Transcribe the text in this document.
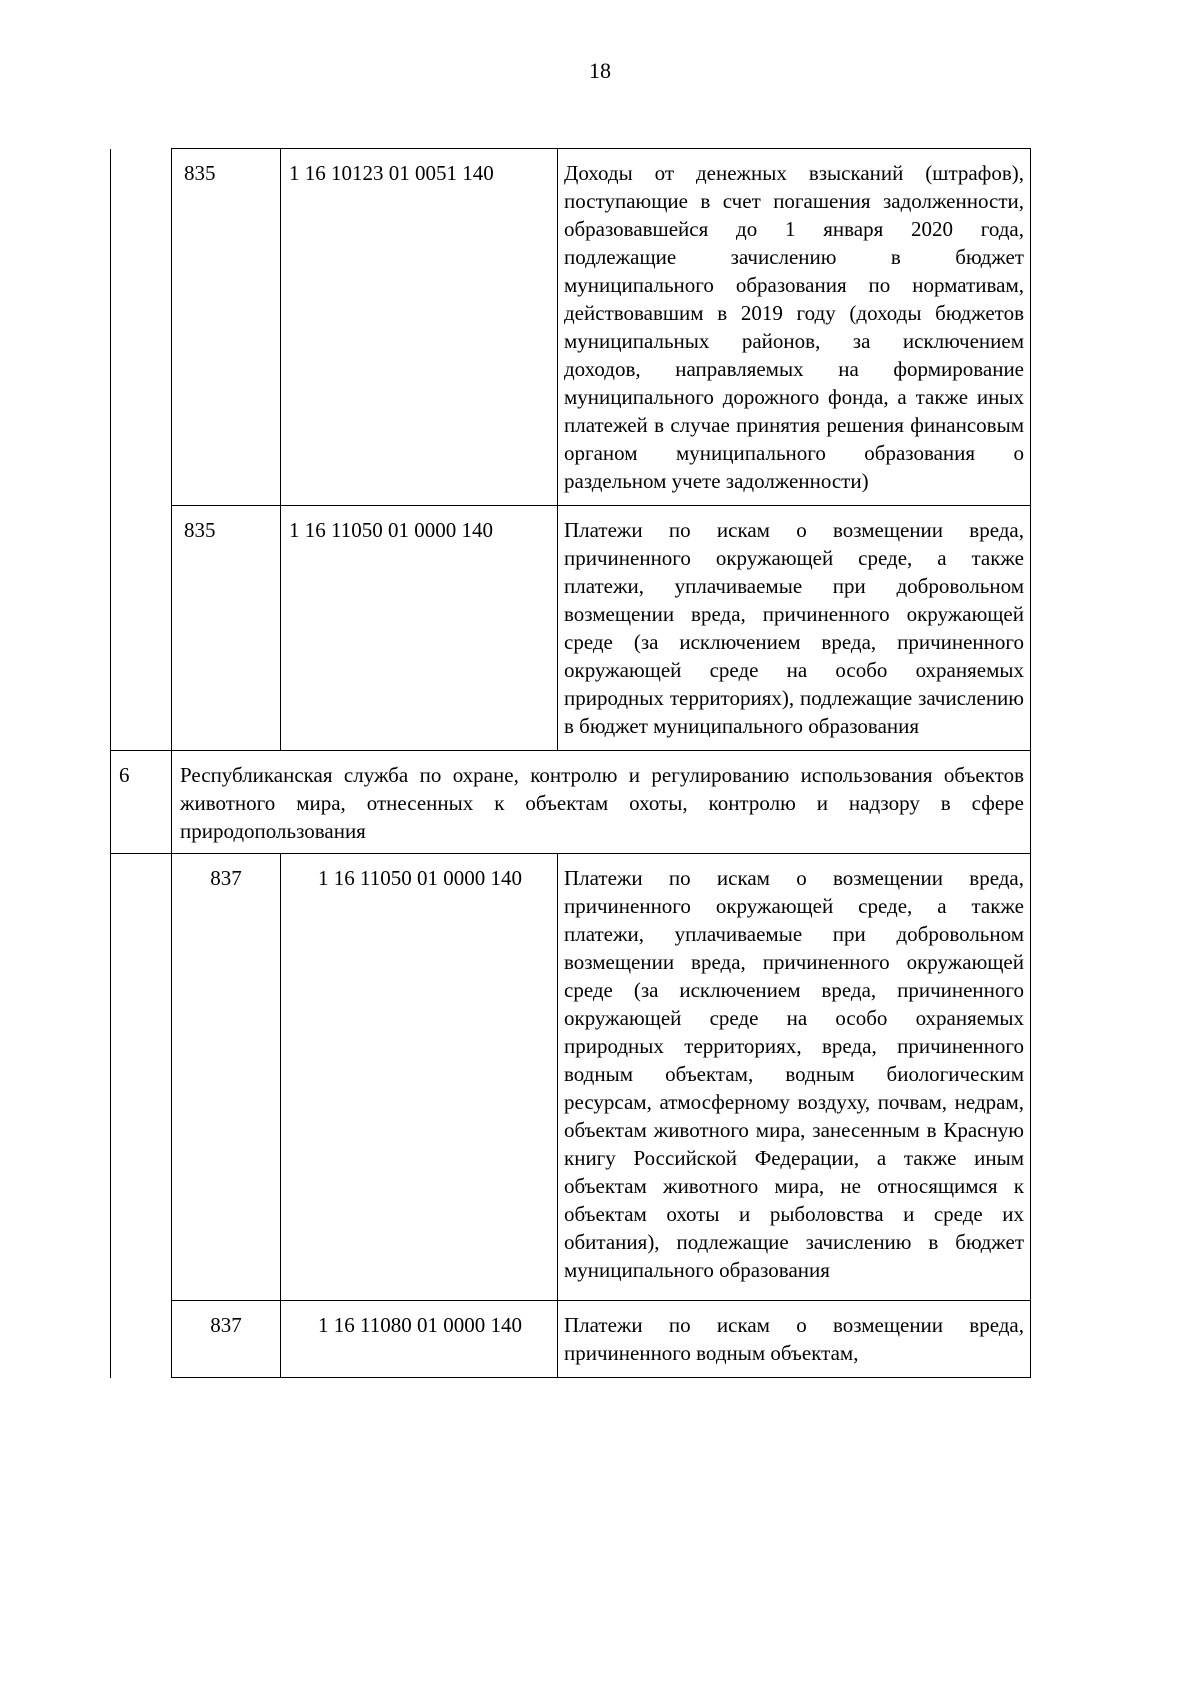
18
	835	1 16 10123 01 0051 140	Доходы от денежных взысканий (штрафов), поступающие в счет погашения задолженности, образовавшейся до 1 января 2020 года, подлежащие зачислению в бюджет муниципального образования по нормативам, действовавшим в 2019 году (доходы бюджетов муниципальных районов, за исключением доходов, направляемых на формирование муниципального дорожного фонда, а также иных платежей в случае принятия решения финансовым органом муниципального образования о раздельном учете задолженности)
	835	1 16 11050 01 0000 140	Платежи по искам о возмещении вреда, причиненного окружающей среде, а также платежи, уплачиваемые при добровольном возмещении вреда, причиненного окружающей среде (за исключением вреда, причиненного окружающей среде на особо охраняемых природных территориях), подлежащие зачислению в бюджет муниципального образования
6	Республиканская служба по охране, контролю и регулированию использования объектов животного мира, отнесенных к объектам охоты, контролю и надзору в сфере природопользования		
	837	1 16 11050 01 0000 140	Платежи по искам о возмещении вреда, причиненного окружающей среде, а также платежи, уплачиваемые при добровольном возмещении вреда, причиненного окружающей среде (за исключением вреда, причиненного окружающей среде на особо охраняемых природных территориях, вреда, причиненного водным объектам, водным биологическим ресурсам, атмосферному воздуху, почвам, недрам, объектам животного мира, занесенным в Красную книгу Российской Федерации, а также иным объектам животного мира, не относящимся к объектам охоты и рыболовства и среде их обитания), подлежащие зачислению в бюджет муниципального образования
	837	1 16 11080 01 0000 140	Платежи по искам о возмещении вреда, причиненного водным объектам,
